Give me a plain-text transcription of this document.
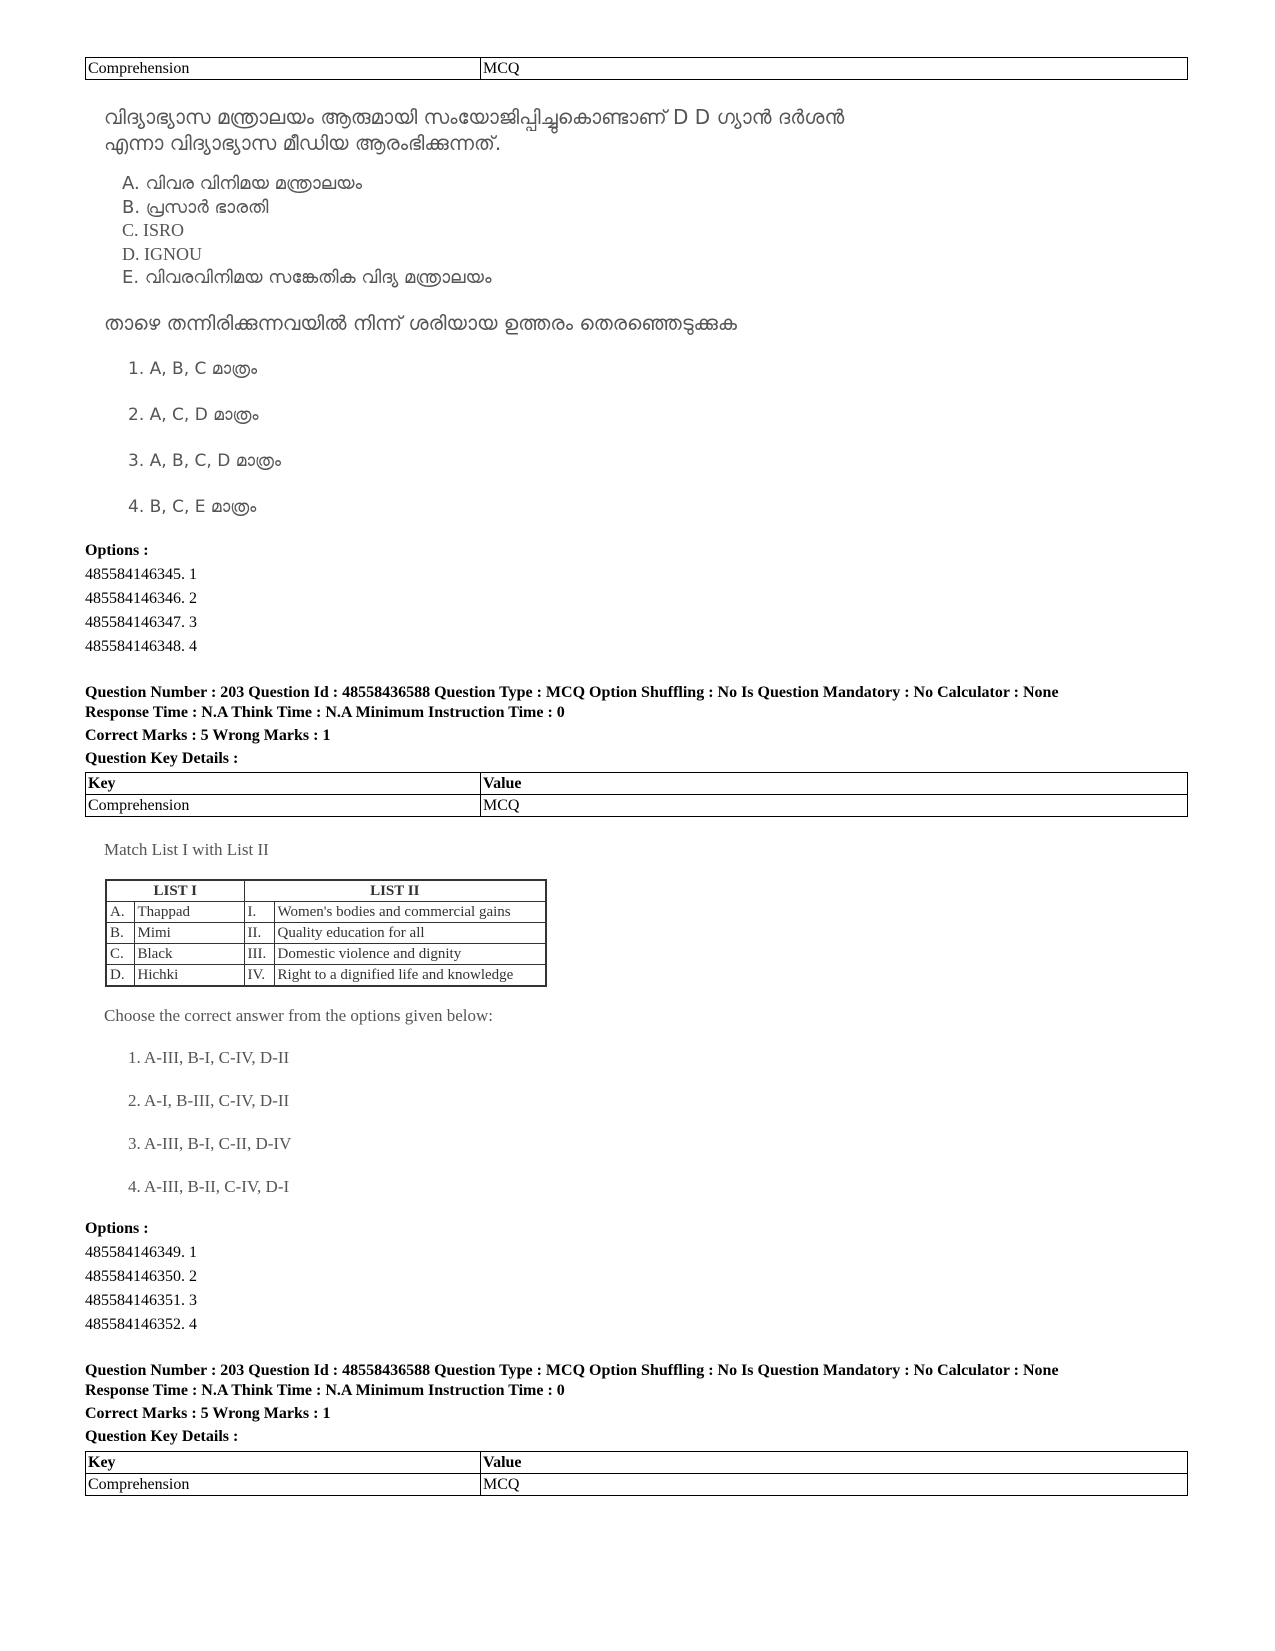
Comprehension	MCQ
വിദ്യാഭ്യാസ മന്ത്രാലയം ആരുമായി സംയോജിപ്പിച്ചുകൊണ്ടാണ് D D ഗ്യാൻ ദർശൻ
എന്നാ വിദ്യാഭ്യാസ മീഡിയ ആരംഭിക്കുന്നത്.
A. വിവര വിനിമയ മന്ത്രാലയം
B. പ്രസാർ ഭാരതി
C. ISRO
D. IGNOU
E. വിവരവിനിമയ സങ്കേതിക വിദ്യ മന്ത്രാലയം
താഴെ തന്നിരിക്കുന്നവയിൽ നിന്ന് ശരിയായ ഉത്തരം തെരഞ്ഞെടുക്കുക
1. A, B, C മാത്രം
2. A, C, D മാത്രം
3. A, B, C, D മാത്രം
4. B, C, E മാത്രം
Options :
485584146345. 1
485584146346. 2
485584146347. 3
485584146348. 4
Question Number : 203 Question Id : 48558436588 Question Type : MCQ Option Shuffling : No Is Question Mandatory : No Calculator : None
Response Time : N.A Think Time : N.A Minimum Instruction Time : 0
Correct Marks : 5 Wrong Marks : 1
Question Key Details :
Key	Value
Comprehension	MCQ
Match List I with List II
LIST I		LIST II	
A.	Thappad	I.	Women's bodies and commercial gains
B.	Mimi	II.	Quality education for all
C.	Black	III.	Domestic violence and dignity
D.	Hichki	IV.	Right to a dignified life and knowledge
Choose the correct answer from the options given below:
1. A-III, B-I, C-IV, D-II
2. A-I, B-III, C-IV, D-II
3. A-III, B-I, C-II, D-IV
4. A-III, B-II, C-IV, D-I
Options :
485584146349. 1
485584146350. 2
485584146351. 3
485584146352. 4
Question Number : 203 Question Id : 48558436588 Question Type : MCQ Option Shuffling : No Is Question Mandatory : No Calculator : None
Response Time : N.A Think Time : N.A Minimum Instruction Time : 0
Correct Marks : 5 Wrong Marks : 1
Question Key Details :
Key	Value
Comprehension	MCQ
